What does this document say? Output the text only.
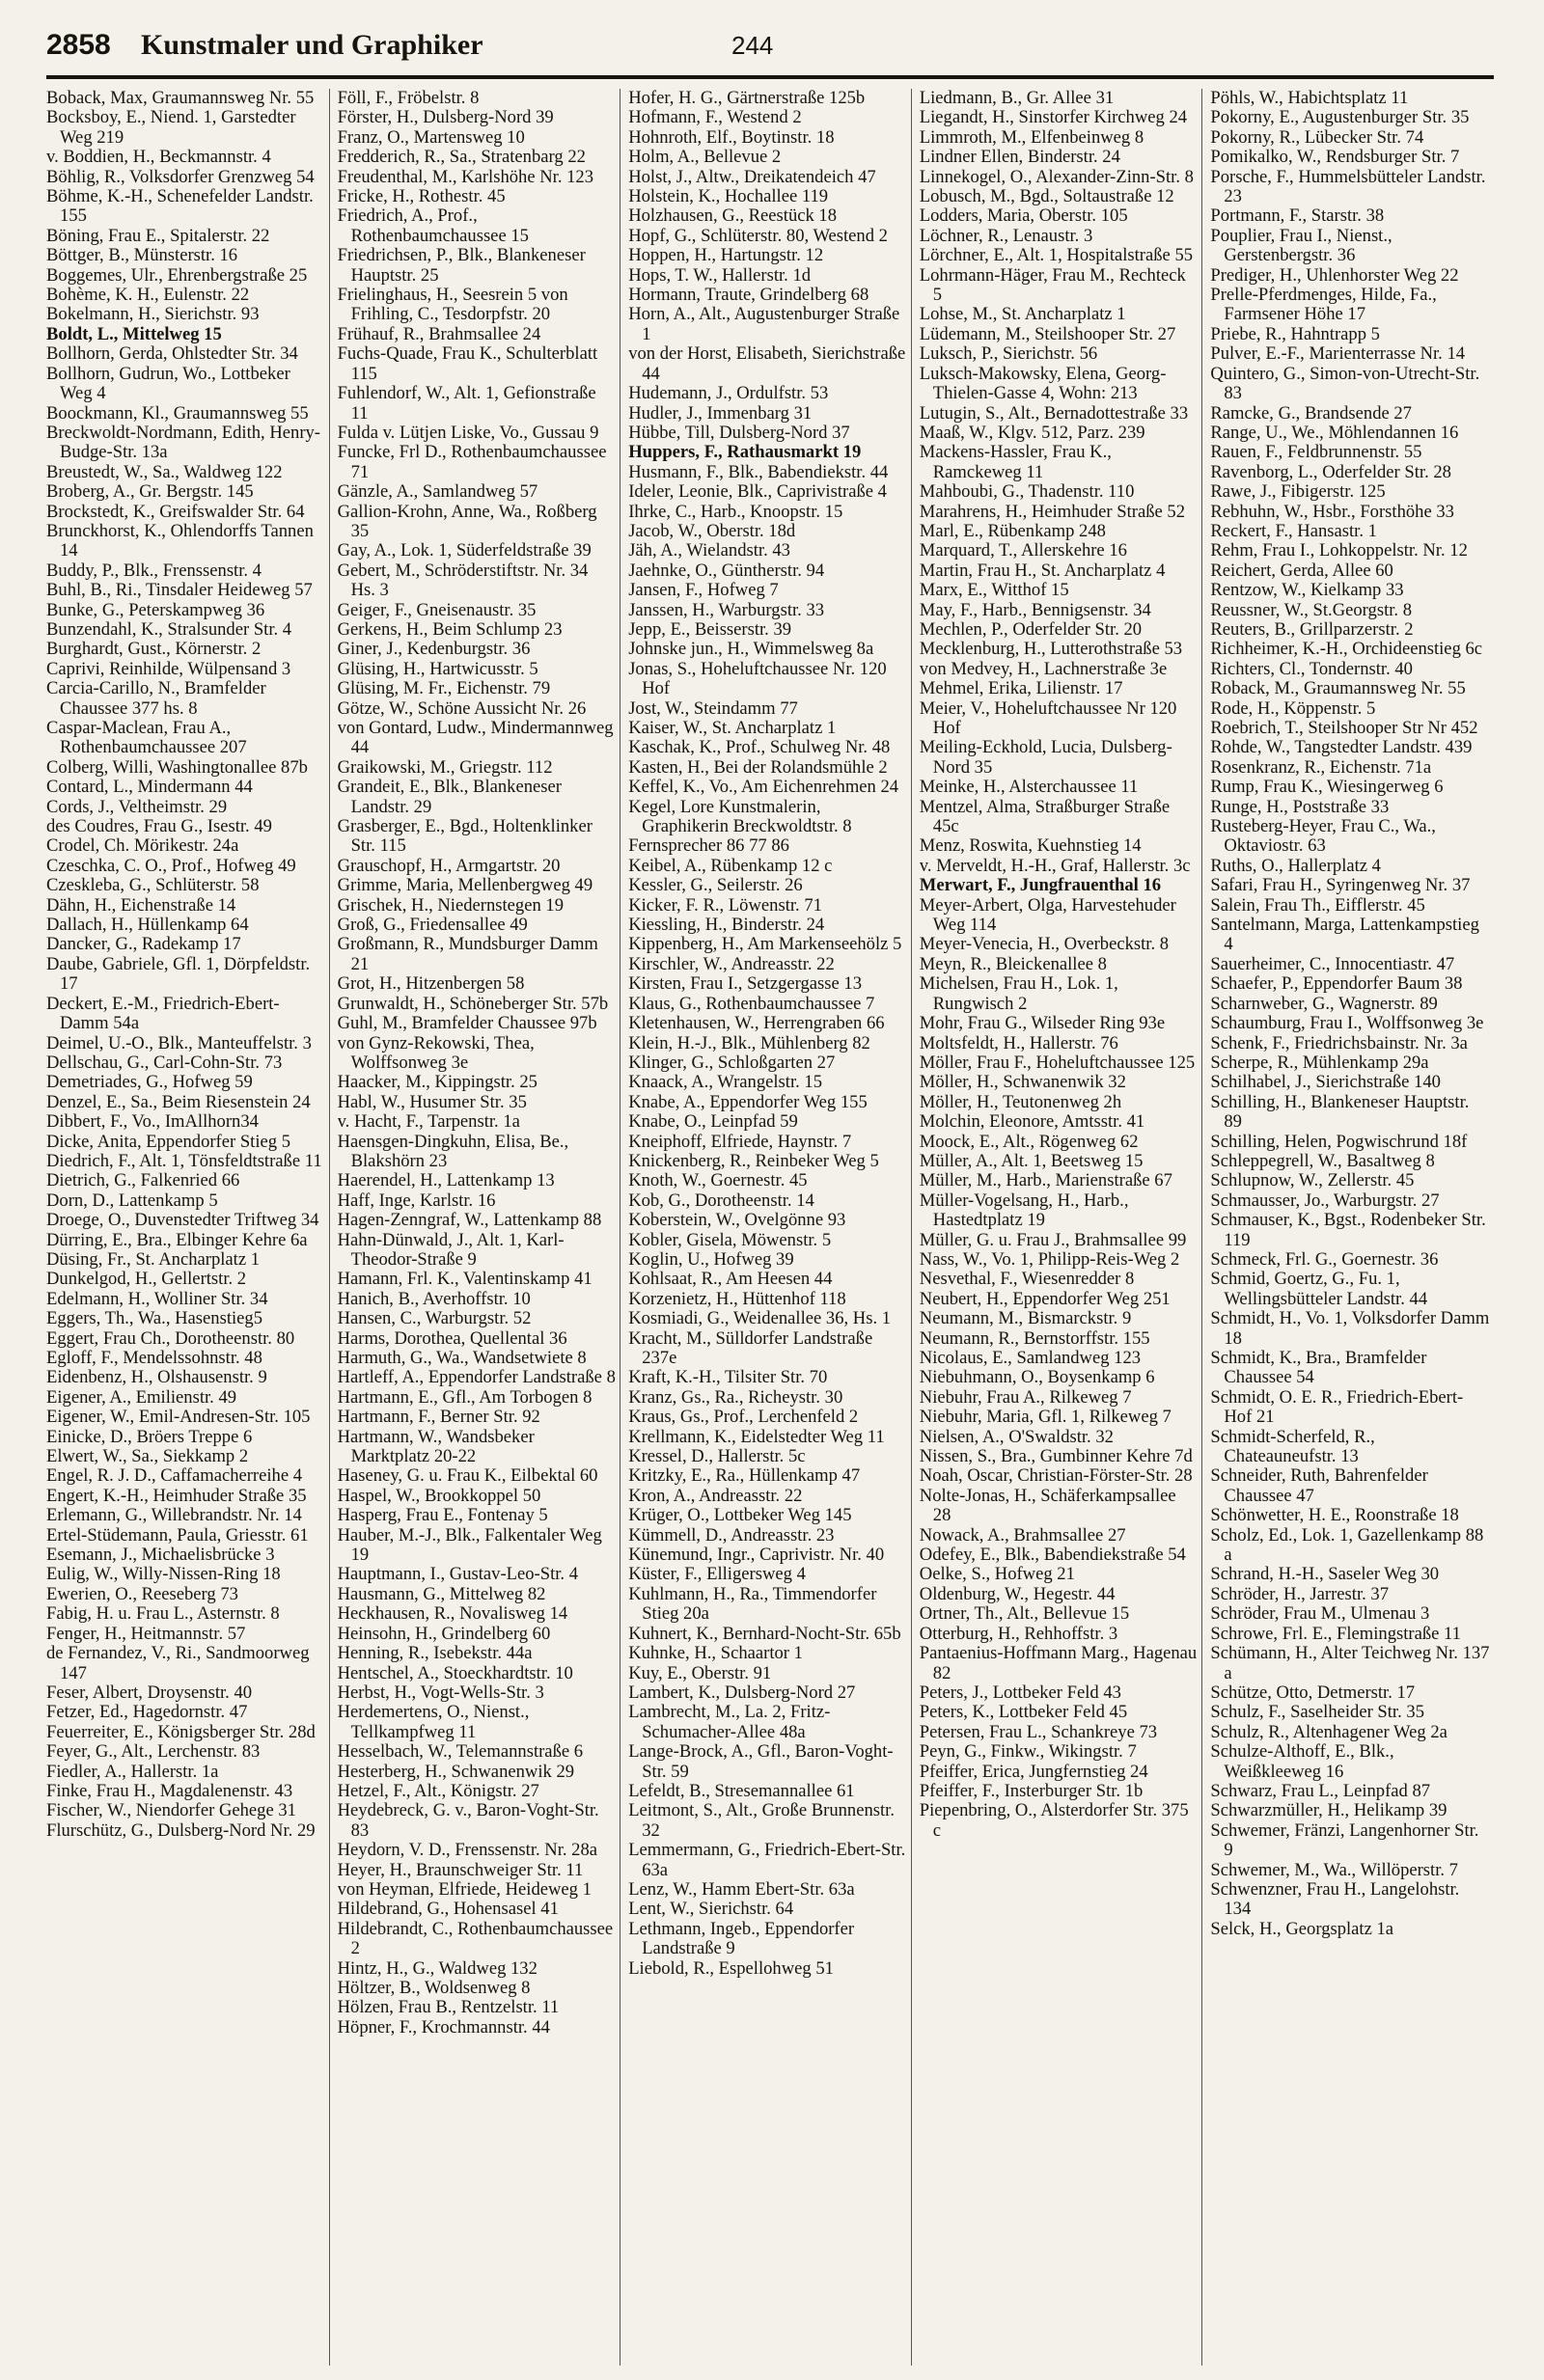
2858 Kunstmaler und Graphiker	244

Boback, Max, Graumannsweg Nr. 55

Bocksboy, E., Niend. 1, Garstedter Weg 219

v. Boddien, H., Beckmannstr. 4

Böhlig, R., Volksdorfer Grenzweg 54

Böhme, K.-H., Schenefelder Landstr. 155

Böning, Frau E., Spitalerstr. 22

Böttger, B., Münsterstr. 16

Boggemes, Ulr., Ehrenbergstraße 25

Bohème, K. H., Eulenstr. 22

Bokelmann, H., Sierichstr. 93

Boldt, L., Mittelweg 15

Bollhorn, Gerda, Ohlstedter Str. 34

Bollhorn, Gudrun, Wo., Lottbeker Weg 4

Boockmann, Kl., Graumannsweg 55

Breckwoldt-Nordmann, Edith, Henry-Budge-Str. 13a

Breustedt, W., Sa., Waldweg 122

Broberg, A., Gr. Bergstr. 145

Brockstedt, K., Greifswalder Str. 64

Brunckhorst, K., Ohlendorffs Tannen 14

Buddy, P., Blk., Frenssenstr. 4

Buhl, B., Ri., Tinsdaler Heideweg 57

Bunke, G., Peterskampweg 36

Bunzendahl, K., Stralsunder Str. 4

Burghardt, Gust., Körnerstr. 2

Caprivi, Reinhilde, Wülpensand 3

Carcia-Carillo, N., Bramfelder Chaussee 377 hs. 8

Caspar-Maclean, Frau A., Rothenbaumchaussee 207

Colberg, Willi, Washingtonallee 87b

Contard, L., Mindermann 44

Cords, J., Veltheimstr. 29

des Coudres, Frau G., Isestr. 49

Crodel, Ch. Mörikestr. 24a

Czeschka, C. O., Prof., Hofweg 49

Czeskleba, G., Schlüterstr. 58

Dähn, H., Eichenstraße 14

Dallach, H., Hüllenkamp 64

Dancker, G., Radekamp 17

Daube, Gabriele, Gfl. 1, Dörpfeldstr. 17

Deckert, E.-M., Friedrich-Ebert-Damm 54a

Deimel, U.-O., Blk., Manteuffelstr. 3

Dellschau, G., Carl-Cohn-Str. 73

Demetriades, G., Hofweg 59

Denzel, E., Sa., Beim Riesenstein 24

Dibbert, F., Vo., ImAllhorn34

Dicke, Anita, Eppendorfer Stieg 5

Diedrich, F., Alt. 1, Tönsfeldtstraße 11

Dietrich, G., Falkenried 66

Dorn, D., Lattenkamp 5

Droege, O., Duvenstedter Triftweg 34

Dürring, E., Bra., Elbinger Kehre 6a

Düsing, Fr., St. Ancharplatz 1

Dunkelgod, H., Gellertstr. 2

Edelmann, H., Wolliner Str. 34

Eggers, Th., Wa., Hasenstieg5

Eggert, Frau Ch., Dorotheenstr. 80

Egloff, F., Mendelssohnstr. 48

Eidenbenz, H., Olshausenstr. 9

Eigener, A., Emilienstr. 49

Eigener, W., Emil-Andresen-Str. 105

Einicke, D., Bröers Treppe 6

Elwert, W., Sa., Siekkamp 2

Engel, R. J. D., Caffamacherreihe 4

Engert, K.-H., Heimhuder Straße 35

Erlemann, G., Willebrandstr. Nr. 14

Ertel-Stüdemann, Paula, Griesstr. 61

Esemann, J., Michaelisbrücke 3

Eulig, W., Willy-Nissen-Ring 18

Ewerien, O., Reeseberg 73

Fabig, H. u. Frau L., Asternstr. 8

Fenger, H., Heitmannstr. 57

de Fernandez, V., Ri., Sandmoorweg 147

Feser, Albert, Droysenstr. 40

Fetzer, Ed., Hagedornstr. 47

Feuerreiter, E., Königsberger Str. 28d

Feyer, G., Alt., Lerchenstr. 83

Fiedler, A., Hallerstr. 1a

Finke, Frau H., Magdalenenstr. 43

Fischer, W., Niendorfer Gehege 31

Flurschütz, G., Dulsberg-Nord Nr. 29

Föll, F., Fröbelstr. 8

Förster, H., Dulsberg-Nord 39

Franz, O., Martensweg 10

Fredderich, R., Sa., Stratenbarg 22

Freudenthal, M., Karlshöhe Nr. 123

Fricke, H., Rothestr. 45

Friedrich, A., Prof., Rothenbaumchaussee 15

Friedrichsen, P., Blk., Blankeneser Hauptstr. 25

Frielinghaus, H., Seesrein 5 von Frihling, C., Tesdorpfstr. 20

Frühauf, R., Brahmsallee 24

Fuchs-Quade, Frau K., Schulterblatt 115

Fuhlendorf, W., Alt. 1, Gefionstraße 11

Fulda v. Lütjen Liske, Vo., Gussau 9

Funcke, Frl D., Rothenbaumchaussee 71

Gänzle, A., Samlandweg 57

Gallion-Krohn, Anne, Wa., Roßberg 35

Gay, A., Lok. 1, Süderfeldstraße 39

Gebert, M., Schröderstiftstr. Nr. 34 Hs. 3

Geiger, F., Gneisenaustr. 35

Gerkens, H., Beim Schlump 23

Giner, J., Kedenburgstr. 36

Glüsing, H., Hartwicusstr. 5

Glüsing, M. Fr., Eichenstr. 79

Götze, W., Schöne Aussicht Nr. 26

von Gontard, Ludw., Mindermannweg 44

Graikowski, M., Griegstr. 112

Grandeit, E., Blk., Blankeneser Landstr. 29

Grasberger, E., Bgd., Holtenklinker Str. 115

Grauschopf, H., Armgartstr. 20

Grimme, Maria, Mellenbergweg 49

Grischek, H., Niedernstegen 19

Groß, G., Friedensallee 49

Großmann, R., Mundsburger Damm 21

Grot, H., Hitzenbergen 58

Grunwaldt, H., Schöneberger Str. 57b

Guhl, M., Bramfelder Chaussee 97b

von Gynz-Rekowski, Thea, Wolffsonweg 3e

Haacker, M., Kippingstr. 25

Habl, W., Husumer Str. 35

v. Hacht, F., Tarpenstr. 1a

Haensgen-Dingkuhn, Elisa, Be., Blakshörn 23

Haerendel, H., Lattenkamp 13

Haff, Inge, Karlstr. 16

Hagen-Zenngraf, W., Lattenkamp 88

Hahn-Dünwald, J., Alt. 1, Karl-Theodor-Straße 9

Hamann, Frl. K., Valentinskamp 41

Hanich, B., Averhoffstr. 10

Hansen, C., Warburgstr. 52

Harms, Dorothea, Quellental 36

Harmuth, G., Wa., Wandsetwiete 8

Hartleff, A., Eppendorfer Landstraße 8

Hartmann, E., Gfl., Am Torbogen 8

Hartmann, F., Berner Str. 92

Hartmann, W., Wandsbeker Marktplatz 20-22

Haseney, G. u. Frau K., Eilbektal 60

Haspel, W., Brookkoppel 50

Hasperg, Frau E., Fontenay 5

Hauber, M.-J., Blk., Falkentaler Weg 19

Hauptmann, I., Gustav-Leo-Str. 4

Hausmann, G., Mittelweg 82

Heckhausen, R., Novalisweg 14

Heinsohn, H., Grindelberg 60

Henning, R., Isebekstr. 44a

Hentschel, A., Stoeckhardtstr. 10

Herbst, H., Vogt-Wells-Str. 3

Herdemertens, O., Nienst., Tellkampfweg 11

Hesselbach, W., Telemannstraße 6

Hesterberg, H., Schwanenwik 29

Hetzel, F., Alt., Königstr. 27

Heydebreck, G. v., Baron-Voght-Str. 83

Heydorn, V. D., Frenssenstr. Nr. 28a

Heyer, H., Braunschweiger Str. 11

von Heyman, Elfriede, Heideweg 1

Hildebrand, G., Hohensasel 41

Hildebrandt, C., Rothenbaumchaussee 2

Hintz, H., G., Waldweg 132

Höltzer, B., Woldsenweg 8

Hölzen, Frau B., Rentzelstr. 11

Höpner, F., Krochmannstr. 44

Hofer, H. G., Gärtnerstraße 125b

Hofmann, F., Westend 2

Hohnroth, Elf., Boytinstr. 18

Holm, A., Bellevue 2

Holst, J., Altw., Dreikatendeich 47

Holstein, K., Hochallee 119

Holzhausen, G., Reestück 18

Hopf, G., Schlüterstr. 80, Westend 2

Hoppen, H., Hartungstr. 12

Hops, T. W., Hallerstr. 1d

Hormann, Traute, Grindelberg 68

Horn, A., Alt., Augustenburger Straße 1

von der Horst, Elisabeth, Sierichstraße 44

Hudemann, J., Ordulfstr. 53

Hudler, J., Immenbarg 31

Hübbe, Till, Dulsberg-Nord 37

Huppers, F., Rathausmarkt 19

Husmann, F., Blk., Babendiekstr. 44

Ideler, Leonie, Blk., Caprivistraße 4

Ihrke, C., Harb., Knoopstr. 15

Jacob, W., Oberstr. 18d

Jäh, A., Wielandstr. 43

Jaehnke, O., Güntherstr. 94

Jansen, F., Hofweg 7

Janssen, H., Warburgstr. 33

Jepp, E., Beisserstr. 39

Johnske jun., H., Wimmelsweg 8a

Jonas, S., Hoheluftchaussee Nr. 120 Hof

Jost, W., Steindamm 77

Kaiser, W., St. Ancharplatz 1

Kaschak, K., Prof., Schulweg Nr. 48

Kasten, H., Bei der Rolandsmühle 2

Keffel, K., Vo., Am Eichenrehmen 24

Kegel, Lore Kunstmalerin, Graphikerin Breckwoldtstr. 8

Fernsprecher 86 77 86

Keibel, A., Rübenkamp 12 c

Kessler, G., Seilerstr. 26

Kicker, F. R., Löwenstr. 71

Kiessling, H., Binderstr. 24

Kippenberg, H., Am Markenseehölz 5

Kirschler, W., Andreasstr. 22

Kirsten, Frau I., Setzgergasse 13

Klaus, G., Rothenbaumchaussee 7

Kletenhausen, W., Herrengraben 66

Klein, H.-J., Blk., Mühlenberg 82

Klinger, G., Schloßgarten 27

Knaack, A., Wrangelstr. 15

Knabe, A., Eppendorfer Weg 155

Knabe, O., Leinpfad 59

Kneiphoff, Elfriede, Haynstr. 7

Knickenberg, R., Reinbeker Weg 5

Knoth, W., Goernestr. 45

Kob, G., Dorotheenstr. 14

Koberstein, W., Ovelgönne 93

Kobler, Gisela, Möwenstr. 5

Koglin, U., Hofweg 39

Kohlsaat, R., Am Heesen 44

Korzenietz, H., Hüttenhof 118

Kosmiadi, G., Weidenallee 36, Hs. 1

Kracht, M., Sülldorfer Landstraße 237e

Kraft, K.-H., Tilsiter Str. 70

Kranz, Gs., Ra., Richeystr. 30

Kraus, Gs., Prof., Lerchenfeld 2

Krellmann, K., Eidelstedter Weg 11

Kressel, D., Hallerstr. 5c

Kritzky, E., Ra., Hüllenkamp 47

Kron, A., Andreasstr. 22

Krüger, O., Lottbeker Weg 145

Kümmell, D., Andreasstr. 23

Künemund, Ingr., Caprivistr. Nr. 40

Küster, F., Elligersweg 4

Kuhlmann, H., Ra., Timmendorfer Stieg 20a

Kuhnert, K., Bernhard-Nocht-Str. 65b

Kuhnke, H., Schaartor 1

Kuy, E., Oberstr. 91

Lambert, K., Dulsberg-Nord 27

Lambrecht, M., La. 2, Fritz-Schumacher-Allee 48a

Lange-Brock, A., Gfl., Baron-Voght-Str. 59

Lefeldt, B., Stresemannallee 61

Leitmont, S., Alt., Große Brunnenstr. 32

Lemmermann, G., Friedrich-Ebert-Str. 63a

Lenz, W., Hamm Ebert-Str. 63a

Lent, W., Sierichstr. 64

Lethmann, Ingeb., Eppendorfer Landstraße 9

Liebold, R., Espellohweg 51

Liedmann, B., Gr. Allee 31

Liegandt, H., Sinstorfer Kirchweg 24

Limmroth, M., Elfenbeinweg 8

Lindner Ellen, Binderstr. 24

Linnekogel, O., Alexander-Zinn-Str. 8

Lobusch, M., Bgd., Soltaustraße 12

Lodders, Maria, Oberstr. 105

Löchner, R., Lenaustr. 3

Lörchner, E., Alt. 1, Hospitalstraße 55

Lohrmann-Häger, Frau M., Rechteck 5

Lohse, M., St. Ancharplatz 1

Lüdemann, M., Steilshooper Str. 27

Luksch, P., Sierichstr. 56

Luksch-Makowsky, Elena, Georg-Thielen-Gasse 4, Wohn: 213

Lutugin, S., Alt., Bernadottestraße 33

Maaß, W., Klgv. 512, Parz. 239

Mackens-Hassler, Frau K., Ramckeweg 11

Mahboubi, G., Thadenstr. 110

Marahrens, H., Heimhuder Straße 52

Marl, E., Rübenkamp 248

Marquard, T., Allerskehre 16

Martin, Frau H., St. Ancharplatz 4

Marx, E., Witthof 15

May, F., Harb., Bennigsenstr. 34

Mechlen, P., Oderfelder Str. 20

Mecklenburg, H., Lutterothstraße 53

von Medvey, H., Lachnerstraße 3e

Mehmel, Erika, Lilienstr. 17

Meier, V., Hoheluftchaussee Nr 120 Hof

Meiling-Eckhold, Lucia, Dulsberg-Nord 35

Meinke, H., Alsterchaussee 11

Mentzel, Alma, Straßburger Straße 45c

Menz, Roswita, Kuehnstieg 14

v. Merveldt, H.-H., Graf, Hallerstr. 3c

Merwart, F., Jungfrauenthal 16

Meyer-Arbert, Olga, Harvestehuder Weg 114

Meyer-Venecia, H., Overbeckstr. 8

Meyn, R., Bleickenallee 8

Michelsen, Frau H., Lok. 1, Rungwisch 2

Mohr, Frau G., Wilseder Ring 93e

Moltsfeldt, H., Hallerstr. 76

Möller, Frau F., Hoheluftchaussee 125

Möller, H., Schwanenwik 32

Möller, H., Teutonenweg 2h

Molchin, Eleonore, Amtsstr. 41

Moock, E., Alt., Rögenweg 62

Müller, A., Alt. 1, Beetsweg 15

Müller, M., Harb., Marienstraße 67

Müller-Vogelsang, H., Harb., Hastedtplatz 19

Müller, G. u. Frau J., Brahmsallee 99

Nass, W., Vo. 1, Philipp-Reis-Weg 2

Nesvethal, F., Wiesenredder 8

Neubert, H., Eppendorfer Weg 251

Neumann, M., Bismarckstr. 9

Neumann, R., Bernstorffstr. 155

Nicolaus, E., Samlandweg 123

Niebuhmann, O., Boysenkamp 6

Niebuhr, Frau A., Rilkeweg 7

Niebuhr, Maria, Gfl. 1, Rilkeweg 7

Nielsen, A., O'Swaldstr. 32

Nissen, S., Bra., Gumbinner Kehre 7d

Noah, Oscar, Christian-Förster-Str. 28

Nolte-Jonas, H., Schäferkampsallee 28

Nowack, A., Brahmsallee 27

Odefey, E., Blk., Babendiekstraße 54

Oelke, S., Hofweg 21

Oldenburg, W., Hegestr. 44

Ortner, Th., Alt., Bellevue 15

Otterburg, H., Rehhoffstr. 3

Pantaenius-Hoffmann Marg., Hagenau 82

Peters, J., Lottbeker Feld 43

Peters, K., Lottbeker Feld 45

Petersen, Frau L., Schankreye 73

Peyn, G., Finkw., Wikingstr. 7

Pfeiffer, Erica, Jungfernstieg 24

Pfeiffer, F., Insterburger Str. 1b

Piepenbring, O., Alsterdorfer Str. 375 c

Pöhls, W., Habichtsplatz 11

Pokorny, E., Augustenburger Str. 35

Pokorny, R., Lübecker Str. 74

Pomikalko, W., Rendsburger Str. 7

Porsche, F., Hummelsbütteler Landstr. 23

Portmann, F., Starstr. 38

Pouplier, Frau I., Nienst., Gerstenbergstr. 36

Prediger, H., Uhlenhorster Weg 22

Prelle-Pferdmenges, Hilde, Fa., Farmsener Höhe 17

Priebe, R., Hahntrapp 5

Pulver, E.-F., Marienterrasse Nr. 14

Quintero, G., Simon-von-Utrecht-Str. 83

Ramcke, G., Brandsende 27

Range, U., We., Möhlendannen 16

Rauen, F., Feldbrunnenstr. 55

Ravenborg, L., Oderfelder Str. 28

Rawe, J., Fibigerstr. 125

Rebhuhn, W., Hsbr., Forsthöhe 33

Reckert, F., Hansastr. 1

Rehm, Frau I., Lohkoppelstr. Nr. 12

Reichert, Gerda, Allee 60

Rentzow, W., Kielkamp 33

Reussner, W., St.Georgstr. 8

Reuters, B., Grillparzerstr. 2

Richheimer, K.-H., Orchideenstieg 6c

Richters, Cl., Tondernstr. 40

Roback, M., Graumannsweg Nr. 55

Rode, H., Köppenstr. 5

Roebrich, T., Steilshooper Str Nr 452

Rohde, W., Tangstedter Landstr. 439

Rosenkranz, R., Eichenstr. 71a

Rump, Frau K., Wiesingerweg 6

Runge, H., Poststraße 33

Rusteberg-Heyer, Frau C., Wa., Oktaviostr. 63

Ruths, O., Hallerplatz 4

Safari, Frau H., Syringenweg Nr. 37

Salein, Frau Th., Eifflerstr. 45

Santelmann, Marga, Lattenkampstieg 4

Sauerheimer, C., Innocentiastr. 47

Schaefer, P., Eppendorfer Baum 38

Scharnweber, G., Wagnerstr. 89

Schaumburg, Frau I., Wolffsonweg 3e

Schenk, F., Friedrichsbainstr. Nr. 3a

Scherpe, R., Mühlenkamp 29a

Schilhabel, J., Sierichstraße 140

Schilling, H., Blankeneser Hauptstr. 89

Schilling, Helen, Pogwischrund 18f

Schleppegrell, W., Basaltweg 8

Schlupnow, W., Zellerstr. 45

Schmausser, Jo., Warburgstr. 27

Schmauser, K., Bgst., Rodenbeker Str. 119

Schmeck, Frl. G., Goernestr. 36

Schmid, Goertz, G., Fu. 1, Wellingsbütteler Landstr. 44

Schmidt, H., Vo. 1, Volksdorfer Damm 18

Schmidt, K., Bra., Bramfelder Chaussee 54

Schmidt, O. E. R., Friedrich-Ebert-Hof 21

Schmidt-Scherfeld, R., Chateauneufstr. 13

Schneider, Ruth, Bahrenfelder Chaussee 47

Schönwetter, H. E., Roonstraße 18

Scholz, Ed., Lok. 1, Gazellenkamp 88 a

Schrand, H.-H., Saseler Weg 30

Schröder, H., Jarrestr. 37

Schröder, Frau M., Ulmenau 3

Schrowe, Frl. E., Flemingstraße 11

Schümann, H., Alter Teichweg Nr. 137 a

Schütze, Otto, Detmerstr. 17

Schulz, F., Saselheider Str. 35

Schulz, R., Altenhagener Weg 2a

Schulze-Althoff, E., Blk., Weißkleeweg 16

Schwarz, Frau L., Leinpfad 87

Schwarzmüller, H., Helikamp 39

Schwemer, Fränzi, Langenhorner Str. 9

Schwemer, M., Wa., Willöperstr. 7

Schwenzner, Frau H., Langelohstr. 134

Selck, H., Georgsplatz 1a
